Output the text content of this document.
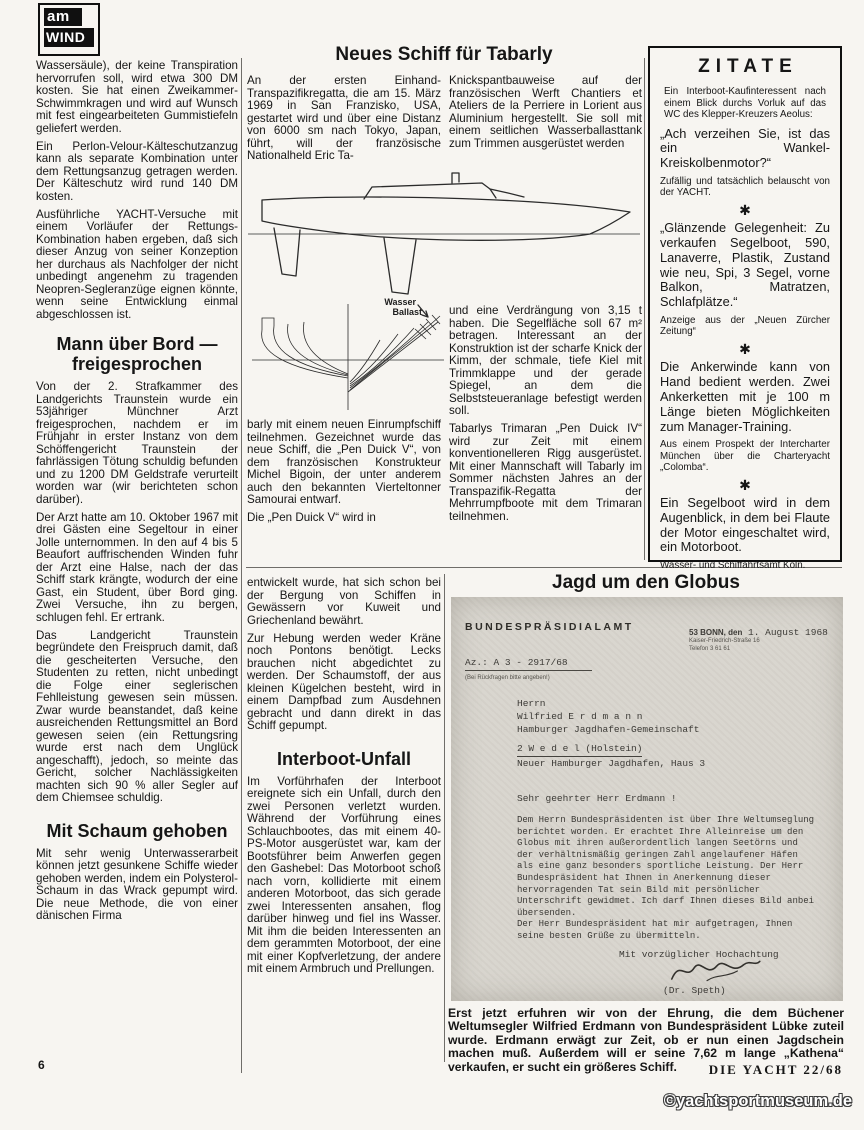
am
WIND

Wassersäule), der keine Transpiration hervorrufen soll, wird etwa 300 DM kosten. Sie hat einen Zweikammer-Schwimmkragen und wird auf Wunsch mit fest eingearbeiteten Gummistiefeln geliefert werden.

Ein Perlon-Velour-Kälteschutzanzug kann als separate Kombination unter dem Rettungsanzug getragen werden. Der Kälteschutz wird rund 140 DM kosten.

Ausführliche YACHT-Versuche mit einem Vorläufer der Rettungs-Kombination haben ergeben, daß sich dieser Anzug von seiner Konzeption her durchaus als Nachfolger der nicht unbedingt angenehm zu tragenden Neopren-Segleranzüge eignen könnte, wenn seine Entwicklung einmal abgeschlossen ist.

Mann über Bord —
freigesprochen

Von der 2. Strafkammer des Landgerichts Traunstein wurde ein 53jähriger Münchner Arzt freigesprochen, nachdem er im Frühjahr in erster Instanz von dem Schöffengericht Traunstein der fahrlässigen Tötung schuldig befunden und zu 1200 DM Geldstrafe verurteilt worden war (wir berichteten schon darüber).

Der Arzt hatte am 10. Oktober 1967 mit drei Gästen eine Segeltour in einer Jolle unternommen. In den auf 4 bis 5 Beaufort auffrischenden Winden fuhr der Arzt eine Halse, nach der das Schiff stark krängte, wodurch der eine Gast, ein Student, über Bord ging. Zwei Versuche, ihn zu bergen, schlugen fehl. Er ertrank.

Das Landgericht Traunstein begründete den Freispruch damit, daß die gescheiterten Versuche, den Studenten zu retten, nicht unbedingt die Folge einer seglerischen Fehlleistung gewesen sein müssen. Zwar wurde beanstandet, daß keine ausreichenden Rettungsmittel an Bord gewesen seien (ein Rettungsring wurde erst nach dem Unglück angeschafft), jedoch, so meinte das Gericht, solcher Nachlässigkeiten machten sich 90 % aller Segler auf dem Chiemsee schuldig.

Mit Schaum gehoben

Mit sehr wenig Unterwasserarbeit können jetzt gesunkene Schiffe wieder gehoben werden, indem ein Polysterol-Schaum in das Wrack gepumpt wird. Die neue Methode, die von einer dänischen Firma

Neues Schiff für Tabarly

An der ersten Einhand-Transpazifikregatta, die am 15. März 1969 in San Franzisko, USA, gestartet wird und über eine Distanz von 6000 sm nach Tokyo, Japan, führt, will der französische Nationalheld Eric Ta-

Knickspantbauweise auf der französischen Werft Chantiers et Ateliers de la Perriere in Lorient aus Aluminium hergestellt. Sie soll mit einem seitlichen Wasserballasttank zum Trimmen ausgerüstet werden

Wasser
Ballast

barly mit einem neuen Einrumpfschiff teilnehmen. Gezeichnet wurde das neue Schiff, die „Pen Duick V“, von dem französischen Konstrukteur Michel Bigoin, der unter anderem auch den bekannten Vierteltonner Samourai entwarf.

Die „Pen Duick V“ wird in

und eine Verdrängung von 3,15 t haben. Die Segelfläche soll 67 m² betragen. Interessant an der Konstruktion ist der scharfe Knick der Kimm, der schmale, tiefe Kiel mit Trimmklappe und der gerade Spiegel, an dem die Selbststeueranlage befestigt werden soll.

Tabarlys Trimaran „Pen Duick IV“ wird zur Zeit mit einem konventionelleren Rigg ausgerüstet. Mit einer Mannschaft will Tabarly im Sommer nächsten Jahres an der Transpazifik-Regatta der Mehrrumpfboote mit dem Trimaran teilnehmen.

ZITATE
Ein Interboot-Kaufinteressent nach einem Blick durchs Vorluk auf das WC des Klepper-Kreuzers Aeolus:
„Ach verzeihen Sie, ist das ein Wankel-Kreiskolbenmotor?“
Zufällig und tatsächlich belauscht von der YACHT.
✱
„Glänzende Gelegenheit: Zu verkaufen Segelboot, 590, Lanaverre, Plastik, Zustand wie neu, Spi, 3 Segel, vorne Balkon, Matratzen, Schlafplätze.“
Anzeige aus der „Neuen Zürcher Zeitung“
✱
Die Ankerwinde kann von Hand bedient werden. Zwei Ankerketten mit je 100 m Länge bieten Möglichkeiten zum Manager-Training.
Aus einem Prospekt der Intercharter München über die Charteryacht „Colomba“.
✱
Ein Segelboot wird in dem Augenblick, in dem bei Flaute der Motor eingeschaltet wird, ein Motorboot.
Wasser- und Schiffahrtsamt Köln.

entwickelt wurde, hat sich schon bei der Bergung von Schiffen in Gewässern vor Kuweit und Griechenland bewährt.

Zur Hebung werden weder Kräne noch Pontons benötigt. Lecks brauchen nicht abgedichtet zu werden. Der Schaumstoff, der aus kleinen Kügelchen besteht, wird in einem Dampfbad zum Ausdehnen gebracht und dann direkt in das Schiff gepumpt.

Interboot-Unfall

Im Vorführhafen der Interboot ereignete sich ein Unfall, durch den zwei Personen verletzt wurden. Während der Vorführung eines Schlauchbootes, das mit einem 40-PS-Motor ausgerüstet war, kam der Bootsführer beim Anwerfen gegen den Gashebel: Das Motorboot schoß nach vorn, kollidierte mit einem anderen Motorboot, das sich gerade zwei Interessenten ansahen, flog darüber hinweg und fiel ins Wasser. Mit ihm die beiden Interessenten an dem gerammten Motorboot, der eine mit einer Kopfverletzung, der andere mit einem Armbruch und Prellungen.

Jagd um den Globus
BUNDESPRÄSIDIALAMT	53 BONN, den 1. August 1968
Kaiser-Friedrich-Straße 16
Telefon 3 61 61
Az.: A 3 - 2917/68
(Bei Rückfragen bitte angeben!)
Herrn
Wilfried E r d m a n n
Hamburger Jagdhafen-Gemeinschaft
2 W e d e l (Holstein)
Neuer Hamburger Jagdhafen, Haus 3
Sehr geehrter Herr Erdmann !
Dem Herrn Bundespräsidenten ist über Ihre Weltumseglung berichtet worden. Er erachtet Ihre Alleinreise um den Globus mit ihren außerordentlich langen Seetörns und der verhältnismäßig geringen Zahl angelaufener Häfen als eine ganz besonders sportliche Leistung. Der Herr Bundespräsident hat Ihnen in Anerkennung dieser hervorragenden Tat sein Bild mit persönlicher Unterschrift gewidmet. Ich darf Ihnen dieses Bild anbei übersenden.
Der Herr Bundespräsident hat mir aufgetragen, Ihnen seine besten Grüße zu übermitteln.
Mit vorzüglicher Hochachtung
(Dr. Speth)
Erst jetzt erfuhren wir von der Ehrung, die dem Büchener Weltumsegler Wilfried Erdmann von Bundespräsident Lübke zuteil wurde. Erdmann erwägt zur Zeit, ob er nun einen Jagdschein machen muß. Außerdem will er seine 7,62 m lange „Kathena“ verkaufen, er sucht ein größeres Schiff.	DIE YACHT 22/68
6
©yachtsportmuseum.de
